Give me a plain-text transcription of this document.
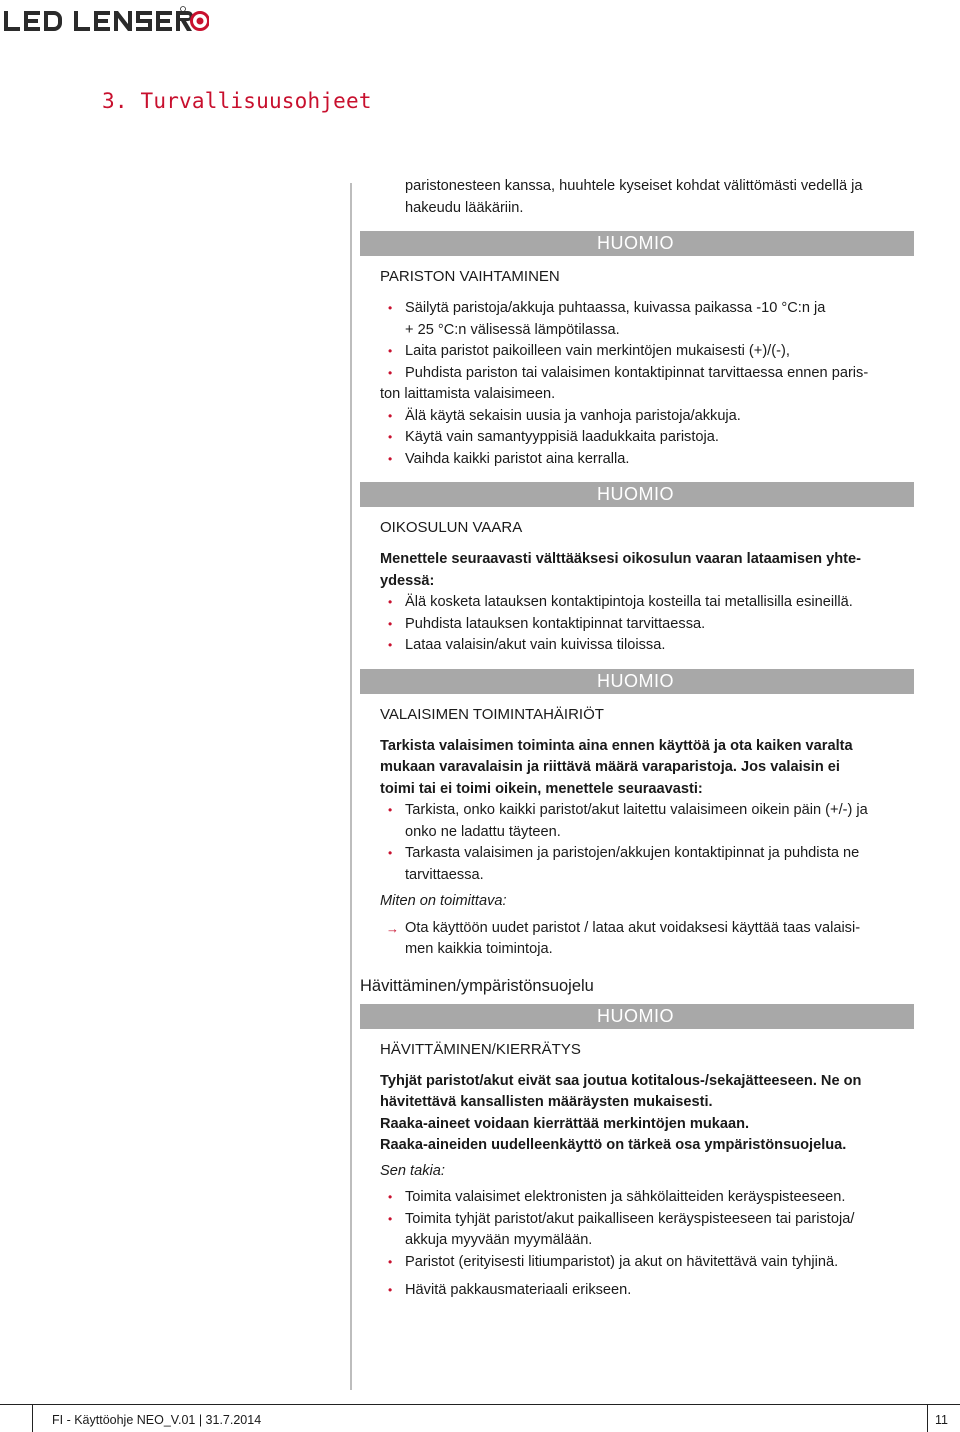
3. Turvallisuusohjeet

paristonesteen kanssa, huuhtele kyseiset kohdat välittömästi vedellä ja

hakeudu lääkäriin.

HUOMIO

PARISTON VAIHTAMINEN

• Säilytä paristoja/akkuja puhtaassa, kuivassa paikassa -10 °C:n ja
+ 25 °C:n välisessä lämpötilassa.
• Laita paristot paikoilleen vain merkintöjen mukaisesti (+)/(-),
• Puhdista pariston tai valaisimen kontaktipinnat tarvittaessa ennen paris-
ton laittamista valaisimeen.
• Älä käytä sekaisin uusia ja vanhoja paristoja/akkuja.
• Käytä vain samantyyppisiä laadukkaita paristoja.
• Vaihda kaikki paristot aina kerralla.
HUOMIO

OIKOSULUN VAARA

Menettele seuraavasti välttääksesi oikosulun vaaran lataamisen yhte-

ydessä:

• Älä kosketa latauksen kontaktipintoja kosteilla tai metallisilla esineillä.
• Puhdista latauksen kontaktipinnat tarvittaessa.
• Lataa valaisin/akut vain kuivissa tiloissa.
HUOMIO

VALAISIMEN TOIMINTAHÄIRIÖT

Tarkista valaisimen toiminta aina ennen käyttöä ja ota kaiken varalta

mukaan varavalaisin ja riittävä määrä varaparistoja. Jos valaisin ei

toimi tai ei toimi oikein, menettele seuraavasti:

• Tarkista, onko kaikki paristot/akut laitettu valaisimeen oikein päin (+/-) ja
onko ne ladattu täyteen.
• Tarkasta valaisimen ja paristojen/akkujen kontaktipinnat ja puhdista ne
tarvittaessa.

Miten on toimittava:

→ Ota käyttöön uudet paristot / lataa akut voidaksesi käyttää taas valaisi-

men kaikkia toimintoja.

Hävittäminen/ympäristönsuojelu

HUOMIO

HÄVITTÄMINEN/KIERRÄTYS

Tyhjät paristot/akut eivät saa joutua kotitalous-/sekajätteeseen. Ne on

hävitettävä kansallisten määräysten mukaisesti.

Raaka-aineet voidaan kierrättää merkintöjen mukaan.

Raaka-aineiden uudelleenkäyttö on tärkeä osa ympäristönsuojelua.

Sen takia:

• Toimita valaisimet elektronisten ja sähkölaitteiden keräyspisteeseen.
• Toimita tyhjät paristot/akut paikalliseen keräyspisteeseen tai paristoja/
akkuja myyvään myymälään.
• Paristot (erityisesti litiumparistot) ja akut on hävitettävä vain tyhjinä.
• Hävitä pakkausmateriaali erikseen.
FI - Käyttöohje NEO_V.01 | 31.7.2014	11
